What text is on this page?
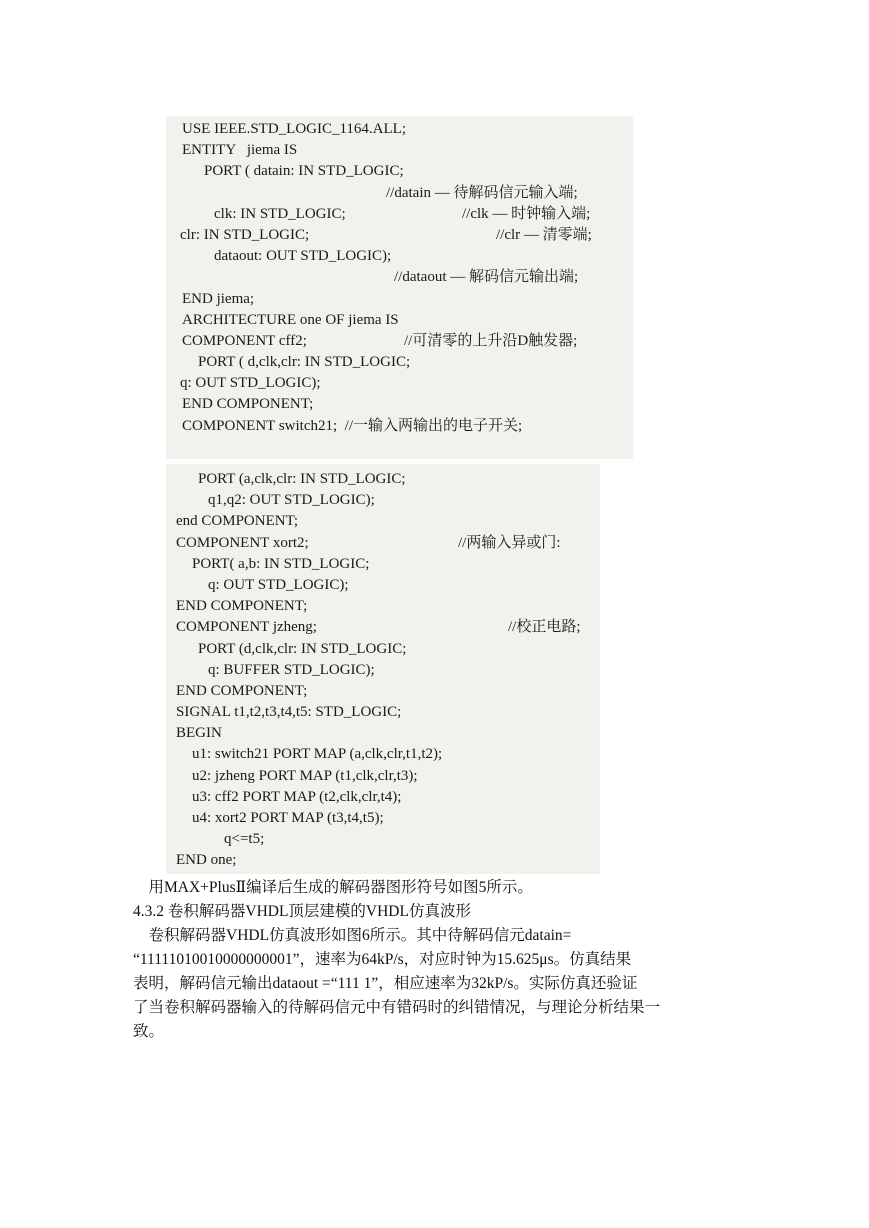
USE IEEE.STD_LOGIC_1164.ALL;
ENTITY   jiema IS
PORT ( datain: IN STD_LOGIC;
//datain — 待解码信元输入端;
clk: IN STD_LOGIC;	//clk — 时钟输入端;
clr: IN STD_LOGIC;	//clr — 清零端;
dataout: OUT STD_LOGIC);
//dataout — 解码信元输出端;
END jiema;
ARCHITECTURE one OF jiema IS
COMPONENT cff2;	//可清零的上升沿D触发器;
PORT ( d,clk,clr: IN STD_LOGIC;
q: OUT STD_LOGIC);
END COMPONENT;
COMPONENT switch21;  //一输入两输出的电子开关;
PORT (a,clk,clr: IN STD_LOGIC;
q1,q2: OUT STD_LOGIC);
end COMPONENT;
COMPONENT xort2;	//两输入异或门:
PORT( a,b: IN STD_LOGIC;
q: OUT STD_LOGIC);
END COMPONENT;
COMPONENT jzheng;	//校正电路;
PORT (d,clk,clr: IN STD_LOGIC;
q: BUFFER STD_LOGIC);
END COMPONENT;
SIGNAL t1,t2,t3,t4,t5: STD_LOGIC;
BEGIN
u1: switch21 PORT MAP (a,clk,clr,t1,t2);
u2: jzheng PORT MAP (t1,clk,clr,t3);
u3: cff2 PORT MAP (t2,clk,clr,t4);
u4: xort2 PORT MAP (t3,t4,t5);
q<=t5;
END one;
用MAX+PlusⅡ编译后生成的解码器图形符号如图5所示。
4.3.2 卷积解码器VHDL顶层建模的VHDL仿真波形
卷积解码器VHDL仿真波形如图6所示。其中待解码信元datain=
“11111010010000000001”，速率为64kP/s，对应时钟为15.625μs。仿真结果
表明，解码信元输出dataout =“111 1”，相应速率为32kP/s。实际仿真还验证
了当卷积解码器输入的待解码信元中有错码时的纠错情况，与理论分析结果一
致。
